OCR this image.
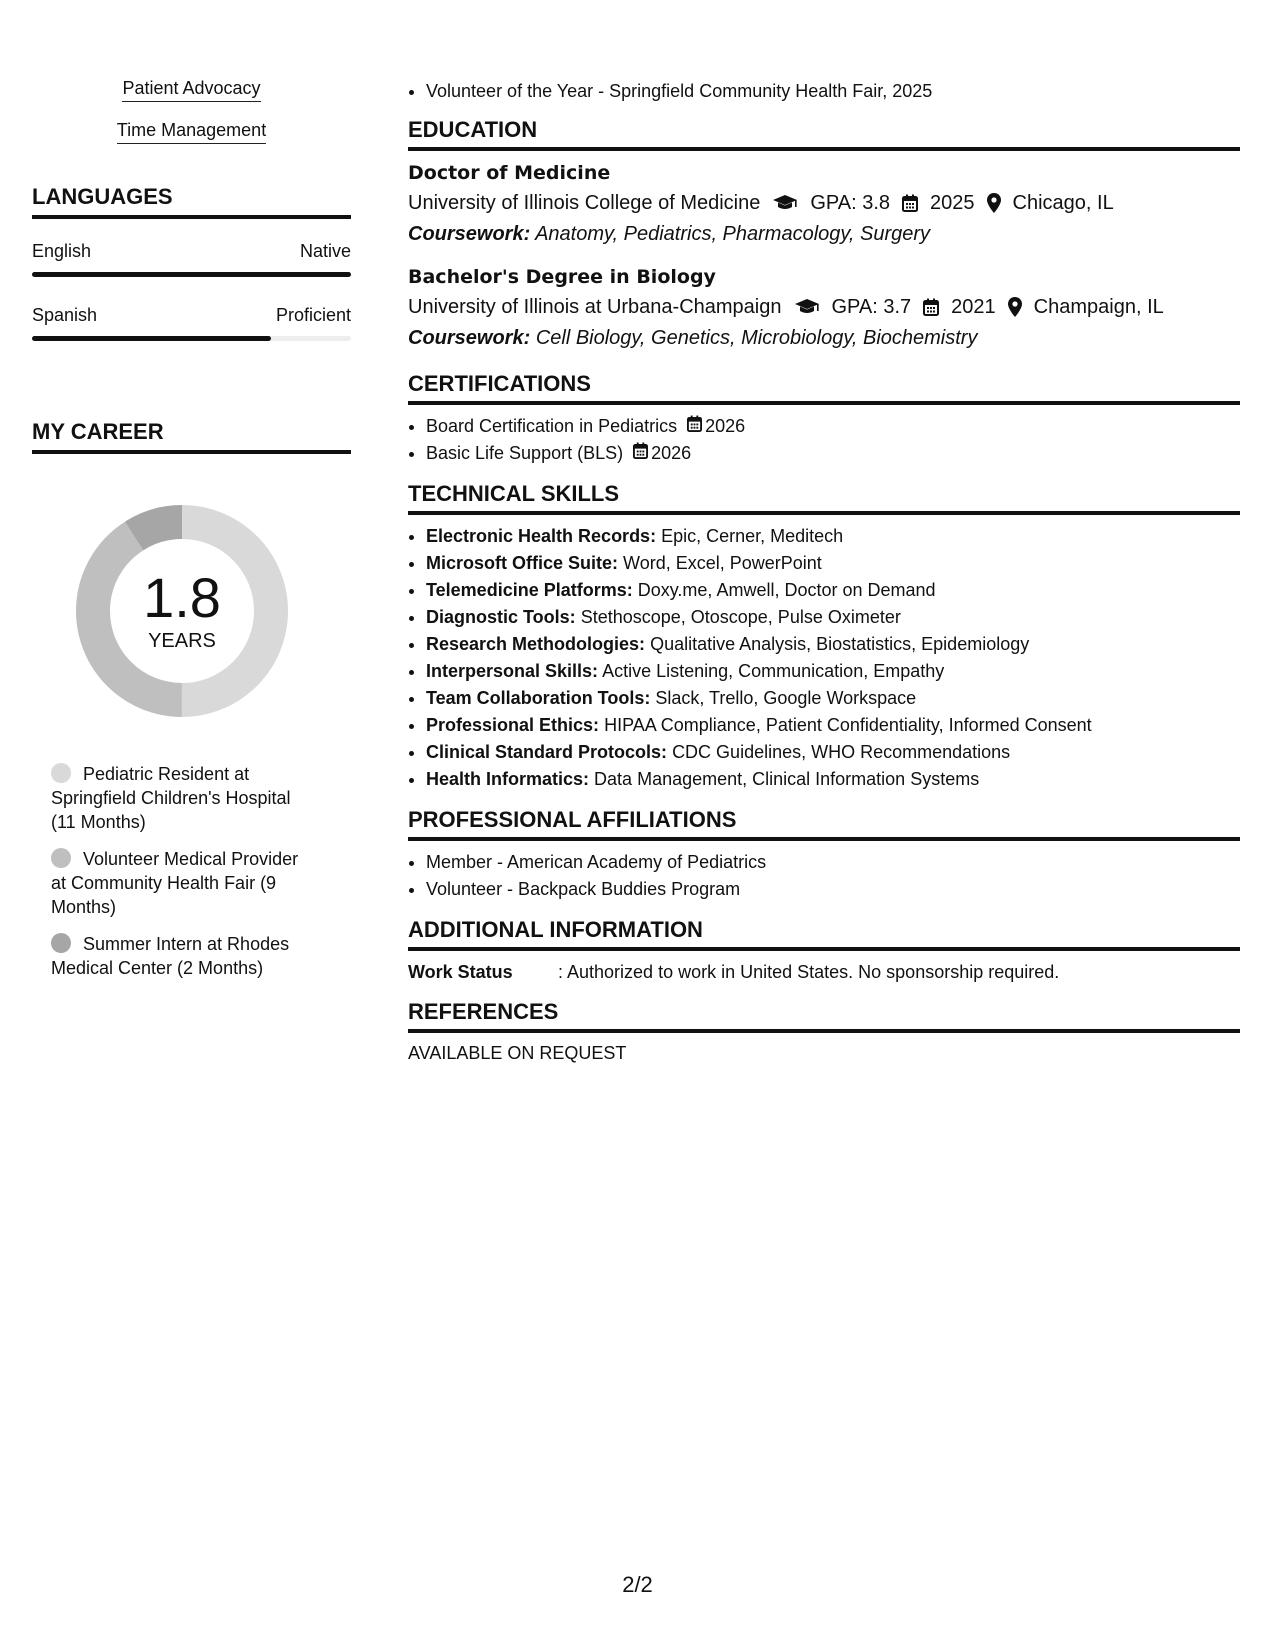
Patient Advocacy
Time Management
LANGUAGES
English	Native
Spanish	Proficient
MY CAREER
1.8
YEARS
Pediatric Resident at Springfield Children's Hospital (11 Months)
Volunteer Medical Provider at Community Health Fair (9 Months)
Summer Intern at Rhodes Medical Center (2 Months)
• Volunteer of the Year - Springfield Community Health Fair, 2025
EDUCATION
Doctor of Medicine
University of Illinois College of Medicine	GPA: 3.8 2025 Chicago, IL
Coursework: Anatomy, Pediatrics, Pharmacology, Surgery
Bachelor's Degree in Biology
University of Illinois at Urbana-Champaign	GPA: 3.7 2021 Champaign, IL
Coursework: Cell Biology, Genetics, Microbiology, Biochemistry
CERTIFICATIONS
• Board Certification in Pediatrics 2026
• Basic Life Support (BLS) 2026
TECHNICAL SKILLS
• Electronic Health Records: Epic, Cerner, Meditech
• Microsoft Office Suite: Word, Excel, PowerPoint
• Telemedicine Platforms: Doxy.me, Amwell, Doctor on Demand
• Diagnostic Tools: Stethoscope, Otoscope, Pulse Oximeter
• Research Methodologies: Qualitative Analysis, Biostatistics, Epidemiology
• Interpersonal Skills: Active Listening, Communication, Empathy
• Team Collaboration Tools: Slack, Trello, Google Workspace
• Professional Ethics: HIPAA Compliance, Patient Confidentiality, Informed Consent
• Clinical Standard Protocols: CDC Guidelines, WHO Recommendations
• Health Informatics: Data Management, Clinical Information Systems
PROFESSIONAL AFFILIATIONS
• Member - American Academy of Pediatrics
• Volunteer - Backpack Buddies Program
ADDITIONAL INFORMATION
Work Status	: Authorized to work in United States. No sponsorship required.
REFERENCES
AVAILABLE ON REQUEST
2/2
